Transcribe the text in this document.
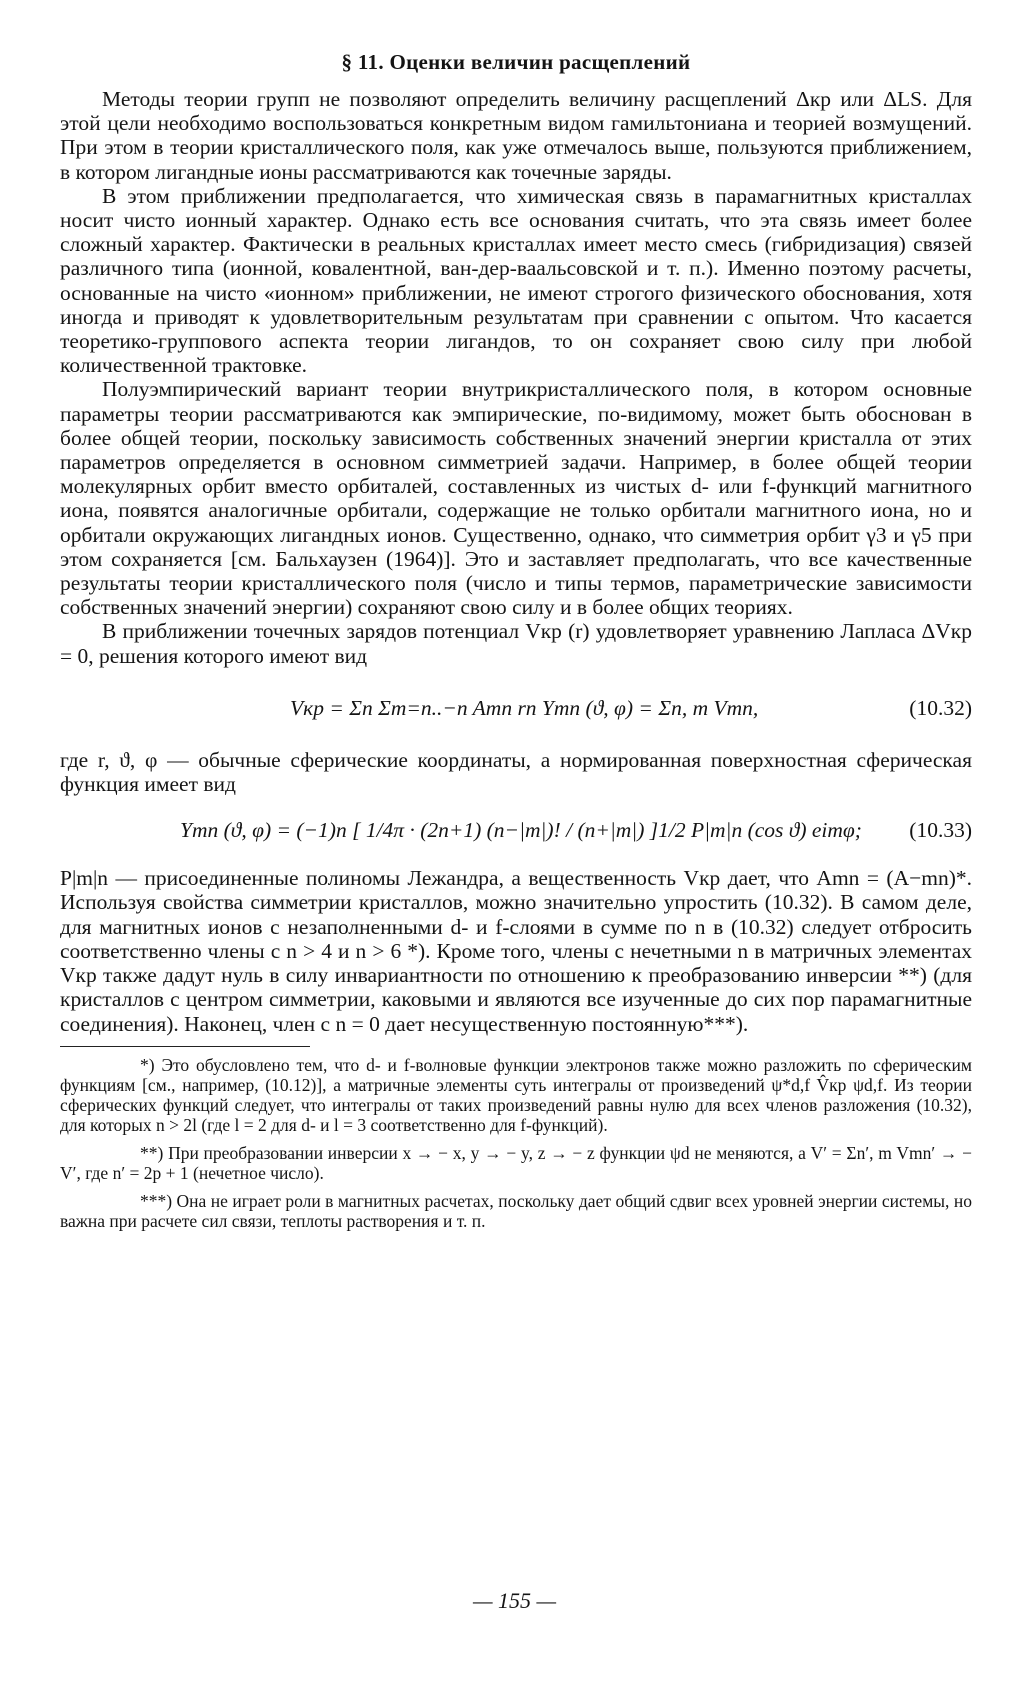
§ 11. Оценки величин расщеплений

Методы теории групп не позволяют определить величину расщеплений Δкр или ΔLS. Для этой цели необходимо воспользоваться конкретным видом гамильтониана и теорией возмущений. При этом в теории кристаллического поля, как уже отмечалось выше, пользуются приближением, в котором лигандные ионы рассматриваются как точечные заряды.

В этом приближении предполагается, что химическая связь в парамагнитных кристаллах носит чисто ионный характер. Однако есть все основания считать, что эта связь имеет более сложный характер. Фактически в реальных кристаллах имеет место смесь (гибридизация) связей различного типа (ионной, ковалентной, ван-дер-ваальсовской и т. п.). Именно поэтому расчеты, основанные на чисто «ионном» приближении, не имеют строгого физического обоснования, хотя иногда и приводят к удовлетворительным результатам при сравнении с опытом. Что касается теоретико-группового аспекта теории лигандов, то он сохраняет свою силу при любой количественной трактовке.

Полуэмпирический вариант теории внутрикристаллического поля, в котором основные параметры теории рассматриваются как эмпирические, по-видимому, может быть обоснован в более общей теории, поскольку зависимость собственных значений энергии кристалла от этих параметров определяется в основном симметрией задачи. Например, в более общей теории молекулярных орбит вместо орбиталей, составленных из чистых d- или f-функций магнитного иона, появятся аналогичные орбитали, содержащие не только орбитали магнитного иона, но и орбитали окружающих лигандных ионов. Существенно, однако, что симметрия орбит γ3 и γ5 при этом сохраняется [см. Бальхаузен (1964)]. Это и заставляет предполагать, что все качественные результаты теории кристаллического поля (число и типы термов, параметрические зависимости собственных значений энергии) сохраняют свою силу и в более общих теориях.

В приближении точечных зарядов потенциал Vкр (r) удовлетворяет уравнению Лапласа ΔVкр = 0, решения которого имеют вид

Vкр = Σn Σm=n..−n Amn rn Ymn (ϑ, φ) = Σn, m Vmn,	(10.32)

где r, ϑ, φ — обычные сферические координаты, а нормированная поверхностная сферическая функция имеет вид

Ymn (ϑ, φ) = (−1)n [ 1/4π · (2n+1) (n−|m|)! / (n+|m|) ]1/2 P|m|n (cos ϑ) eimφ; (10.33)

P|m|n — присоединенные полиномы Лежандра, а вещественность Vкр дает, что Amn = (A−mn)*. Используя свойства симметрии кристаллов, можно значительно упростить (10.32). В самом деле, для магнитных ионов с незаполненными d- и f-слоями в сумме по n в (10.32) следует отбросить соответственно члены с n > 4 и n > 6 *). Кроме того, члены с нечетными n в матричных элементах Vкр также дадут нуль в силу инвариантности по отношению к преобразованию инверсии **) (для кристаллов с центром симметрии, каковыми и являются все изученные до сих пор парамагнитные соединения). Наконец, член с n = 0 дает несущественную постоянную***).

*) Это обусловлено тем, что d- и f-волновые функции электронов также можно разложить по сферическим функциям [см., например, (10.12)], а матричные элементы суть интегралы от произведений ψ*d,f V̂кр ψd,f. Из теории сферических функций следует, что интегралы от таких произведений равны нулю для всех членов разложения (10.32), для которых n > 2l (где l = 2 для d- и l = 3 соответственно для f-функций).

**) При преобразовании инверсии x → − x, y → − y, z → − z функции ψd не меняются, а V′ = Σn′, m Vmn′ → − V′, где n′ = 2p + 1 (нечетное число).

***) Она не играет роли в магнитных расчетах, поскольку дает общий сдвиг всех уровней энергии системы, но важна при расчете сил связи, теплоты растворения и т. п.

— 155 —
